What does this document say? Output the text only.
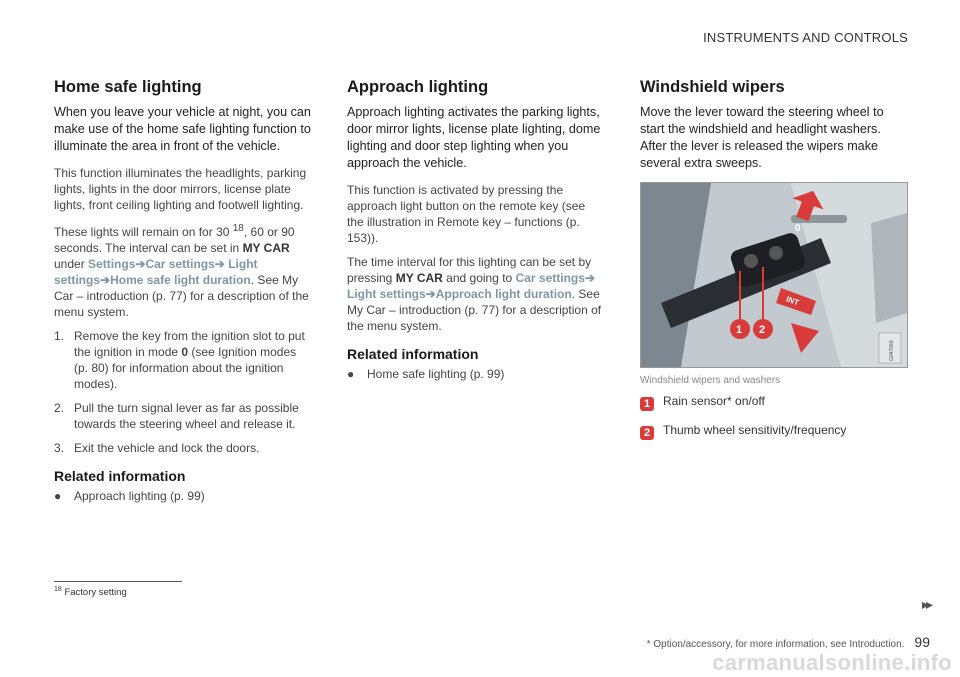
INSTRUMENTS AND CONTROLS
Home safe lighting

When you leave your vehicle at night, you can make use of the home safe lighting function to illuminate the area in front of the vehicle.

This function illuminates the headlights, parking lights, lights in the door mirrors, license plate lights, front ceiling lighting and footwell lighting.

These lights will remain on for 30 $^{18}$, 60 or 90 seconds. The interval can be set in MY CAR under Settings➔Car settings➔ Light settings➔Home safe light duration. See My Car – introduction (p. 77) for a description of the menu system.

1. Remove the key from the ignition slot to put the ignition in mode 0 (see Ignition modes (p. 80) for information about the ignition modes).
2. Pull the turn signal lever as far as possible towards the steering wheel and release it.
3. Exit the vehicle and lock the doors.
Related information
●	Approach lighting (p. 99)
Approach lighting

Approach lighting activates the parking lights, door mirror lights, license plate lighting, dome lighting and door step lighting when you approach the vehicle.

This function is activated by pressing the approach light button on the remote key (see the illustration in Remote key – functions (p. 153)).

The time interval for this lighting can be set by pressing MY CAR and going to Car settings➔ Light settings➔Approach light duration. See My Car – introduction (p. 77) for a description of the menu system.

Related information
●	Home safe lighting (p. 99)
Windshield wipers

Move the lever toward the steering wheel to start the windshield and headlight washers. After the lever is released the wipers make several extra sweeps.

0
INT
1 2
G047660
Windshield wipers and washers
1	Rain sensor* on/off
2	Thumb wheel sensitivity/frequency
$^{18}$ Factory setting
▸▸
* Option/accessory, for more information, see Introduction. 99
carmanualsonline.info
